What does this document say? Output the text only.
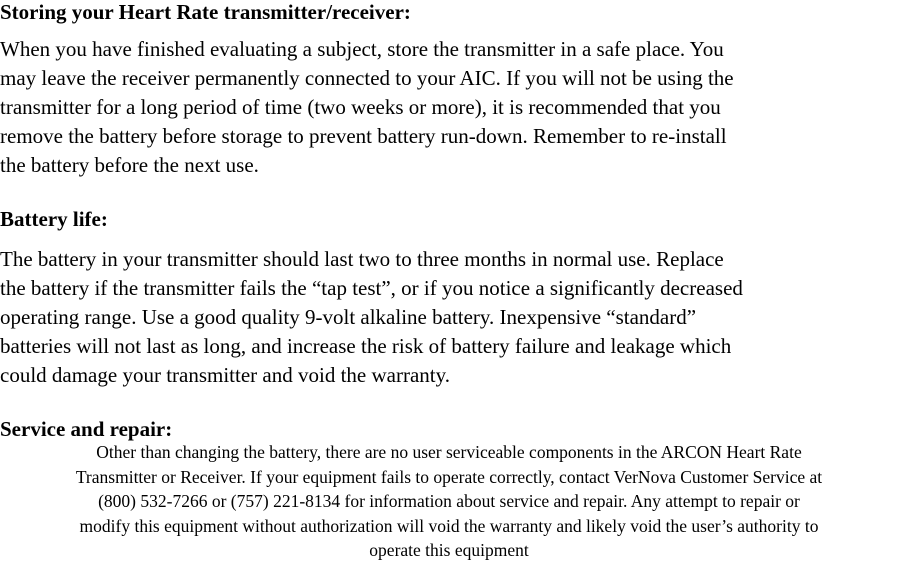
Storing your Heart Rate transmitter/receiver:
When you have finished evaluating a subject, store the transmitter in a safe place. You
may leave the receiver permanently connected to your AIC. If you will not be using the
transmitter for a long period of time (two weeks or more), it is recommended that you
remove the battery before storage to prevent battery run-down. Remember to re-install
the battery before the next use.
Battery life:
The battery in your transmitter should last two to three months in normal use. Replace
the battery if the transmitter fails the “tap test”, or if you notice a significantly decreased
operating range. Use a good quality 9-volt alkaline battery. Inexpensive “standard”
batteries will not last as long, and increase the risk of battery failure and leakage which
could damage your transmitter and void the warranty.
Service and repair:
Other than changing the battery, there are no user serviceable components in the ARCON Heart Rate
Transmitter or Receiver. If your equipment fails to operate correctly, contact VerNova Customer Service at
(800) 532-7266 or (757) 221-8134 for information about service and repair. Any attempt to repair or
modify this equipment without authorization will void the warranty and likely void the user’s authority to
operate this equipment
